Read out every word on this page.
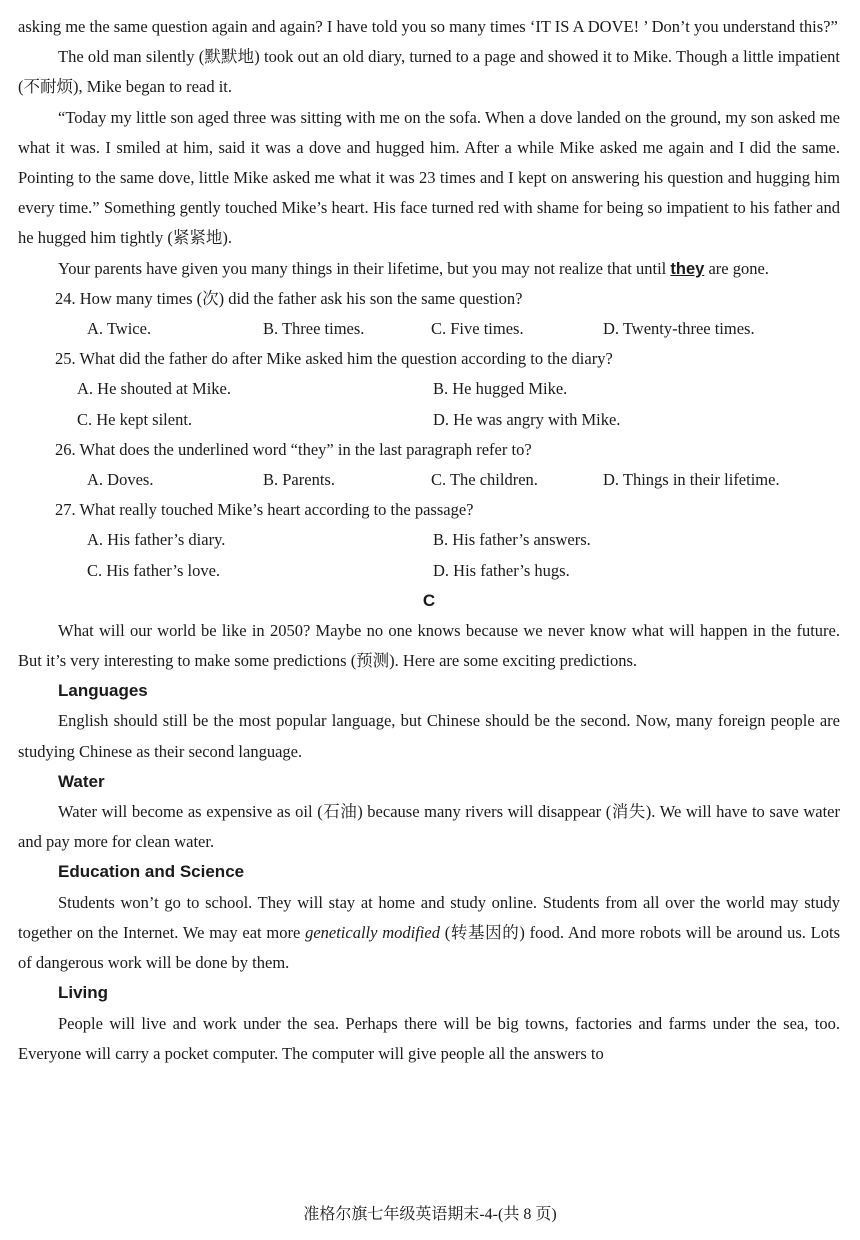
asking me the same question again and again? I have told you so many times ‘IT IS A DOVE! ’ Don’t you understand this?”

The old man silently (默默地) took out an old diary, turned to a page and showed it to Mike. Though a little impatient (不耐烦), Mike began to read it.

“Today my little son aged three was sitting with me on the sofa. When a dove landed on the ground, my son asked me what it was. I smiled at him, said it was a dove and hugged him. After a while Mike asked me again and I did the same. Pointing to the same dove, little Mike asked me what it was 23 times and I kept on answering his question and hugging him every time.” Something gently touched Mike’s heart. His face turned red with shame for being so impatient to his father and he hugged him tightly (紧紧地).

Your parents have given you many things in their lifetime, but you may not realize that until they are gone.

24. How many times (次) did the father ask his son the same question?
A. Twice.	B. Three times.	C. Five times.	D. Twenty-three times.
25. What did the father do after Mike asked him the question according to the diary?
A. He shouted at Mike.	B. He hugged Mike.
C. He kept silent.	D. He was angry with Mike.
26. What does the underlined word “they” in the last paragraph refer to?
A. Doves.	B. Parents.	C. The children.	D. Things in their lifetime.
27. What really touched Mike’s heart according to the passage?
A. His father’s diary.	B. His father’s answers.
C. His father’s love.	D. His father’s hugs.
C

What will our world be like in 2050? Maybe no one knows because we never know what will happen in the future. But it’s very interesting to make some predictions (预测). Here are some exciting predictions.

Languages

English should still be the most popular language, but Chinese should be the second. Now, many foreign people are studying Chinese as their second language.

Water

Water will become as expensive as oil (石油) because many rivers will disappear (消失). We will have to save water and pay more for clean water.

Education and Science

Students won’t go to school. They will stay at home and study online. Students from all over the world may study together on the Internet. We may eat more genetically modified (转基因的) food. And more robots will be around us. Lots of dangerous work will be done by them.

Living

People will live and work under the sea. Perhaps there will be big towns, factories and farms under the sea, too. Everyone will carry a pocket computer. The computer will give people all the answers to

准格尔旗七年级英语期末-4-(共 8 页)
